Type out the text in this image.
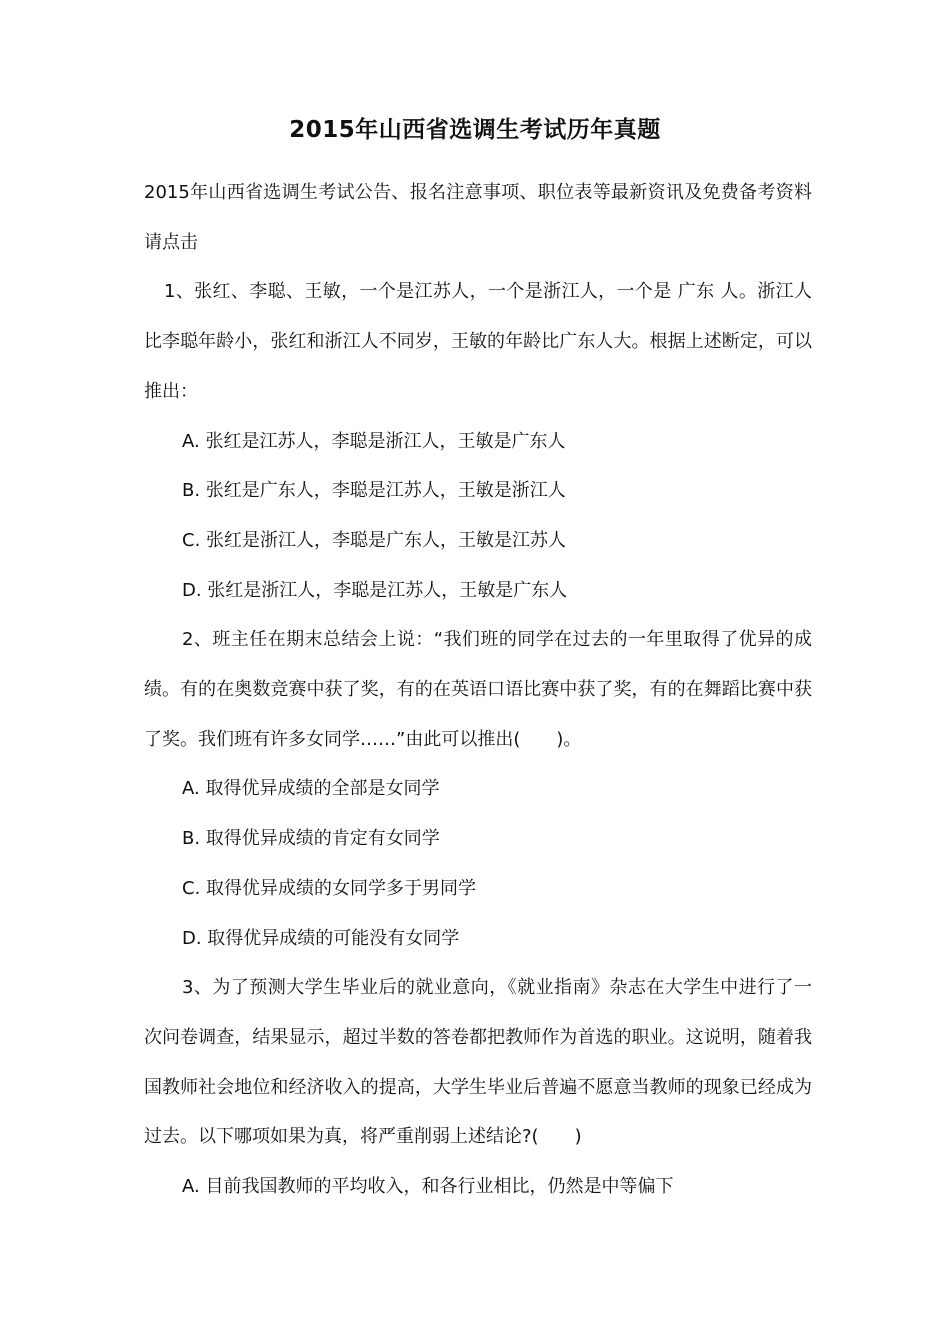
2015年山西省选调生考试历年真题

2015年山西省选调生考试公告、报名注意事项、职位表等最新资讯及免费备考资料请点击

1、张红、李聪、王敏，一个是江苏人，一个是浙江人，一个是 广东 人。浙江人比李聪年龄小，张红和浙江人不同岁，王敏的年龄比广东人大。根据上述断定，可以推出：

A. 张红是江苏人，李聪是浙江人，王敏是广东人

B. 张红是广东人，李聪是江苏人，王敏是浙江人

C. 张红是浙江人，李聪是广东人，王敏是江苏人

D. 张红是浙江人，李聪是江苏人，王敏是广东人

2、班主任在期末总结会上说：“我们班的同学在过去的一年里取得了优异的成绩。有的在奥数竞赛中获了奖，有的在英语口语比赛中获了奖，有的在舞蹈比赛中获了奖。我们班有许多女同学……”由此可以推出(　　)。

A. 取得优异成绩的全部是女同学

B. 取得优异成绩的肯定有女同学

C. 取得优异成绩的女同学多于男同学

D. 取得优异成绩的可能没有女同学

3、为了预测大学生毕业后的就业意向，《就业指南》杂志在大学生中进行了一次问卷调查，结果显示，超过半数的答卷都把教师作为首选的职业。这说明，随着我国教师社会地位和经济收入的提高，大学生毕业后普遍不愿意当教师的现象已经成为过去。以下哪项如果为真，将严重削弱上述结论?(　　)

A. 目前我国教师的平均收入，和各行业相比，仍然是中等偏下
